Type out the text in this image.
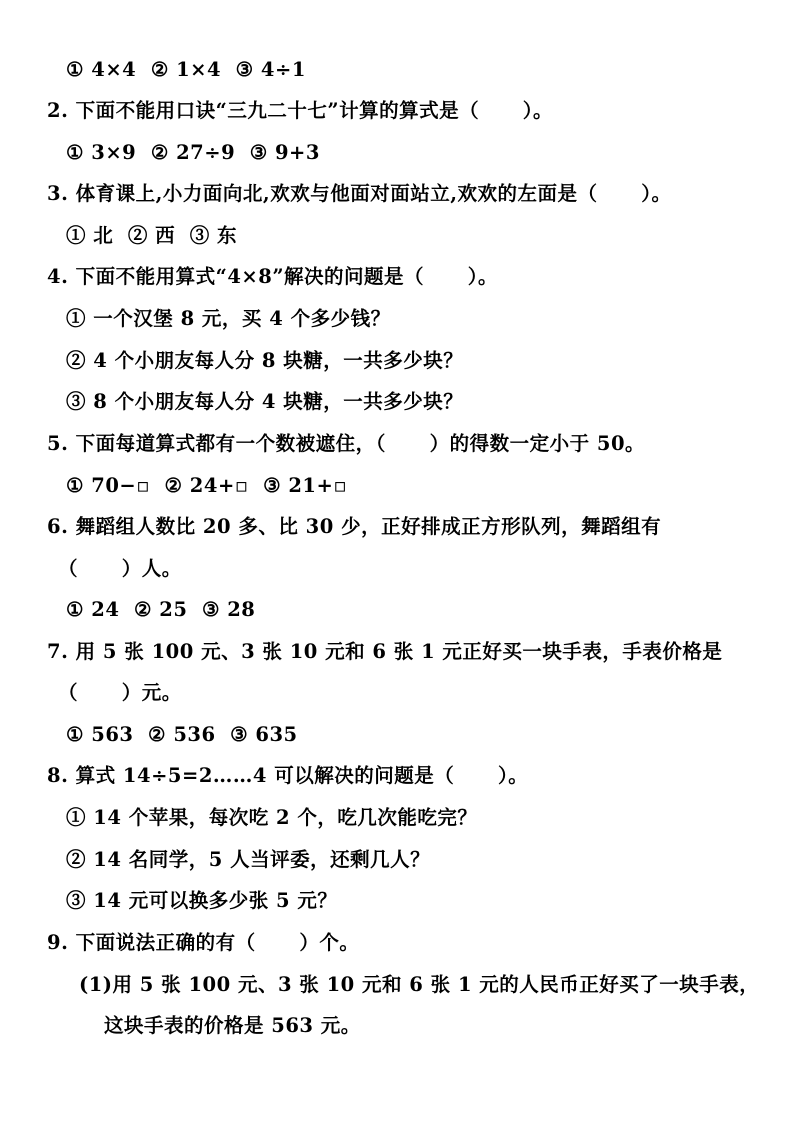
① 4×4  ② 1×4  ③ 4÷1
2. 下面不能用口诀“三九二十七”计算的算式是（      ）。
① 3×9  ② 27÷9  ③ 9+3
3. 体育课上,小力面向北,欢欢与他面对面站立,欢欢的左面是（      ）。
① 北  ② 西  ③ 东
4. 下面不能用算式“4×8”解决的问题是（      ）。
① 一个汉堡 8 元，买 4 个多少钱？
② 4 个小朋友每人分 8 块糖，一共多少块？
③ 8 个小朋友每人分 4 块糖，一共多少块？
5. 下面每道算式都有一个数被遮住，（      ）的得数一定小于 50。
① 70−▫  ② 24+▫  ③ 21+▫
6. 舞蹈组人数比 20 多、比 30 少，正好排成正方形队列，舞蹈组有
（      ）人。
① 24  ② 25  ③ 28
7. 用 5 张 100 元、3 张 10 元和 6 张 1 元正好买一块手表，手表价格是
（      ）元。
① 563  ② 536  ③ 635
8. 算式 14÷5=2……4 可以解决的问题是（      ）。
① 14 个苹果，每次吃 2 个，吃几次能吃完？
② 14 名同学，5 人当评委，还剩几人？
③ 14 元可以换多少张 5 元？
9. 下面说法正确的有（      ）个。
(1)用 5 张 100 元、3 张 10 元和 6 张 1 元的人民币正好买了一块手表，
这块手表的价格是 563 元。
